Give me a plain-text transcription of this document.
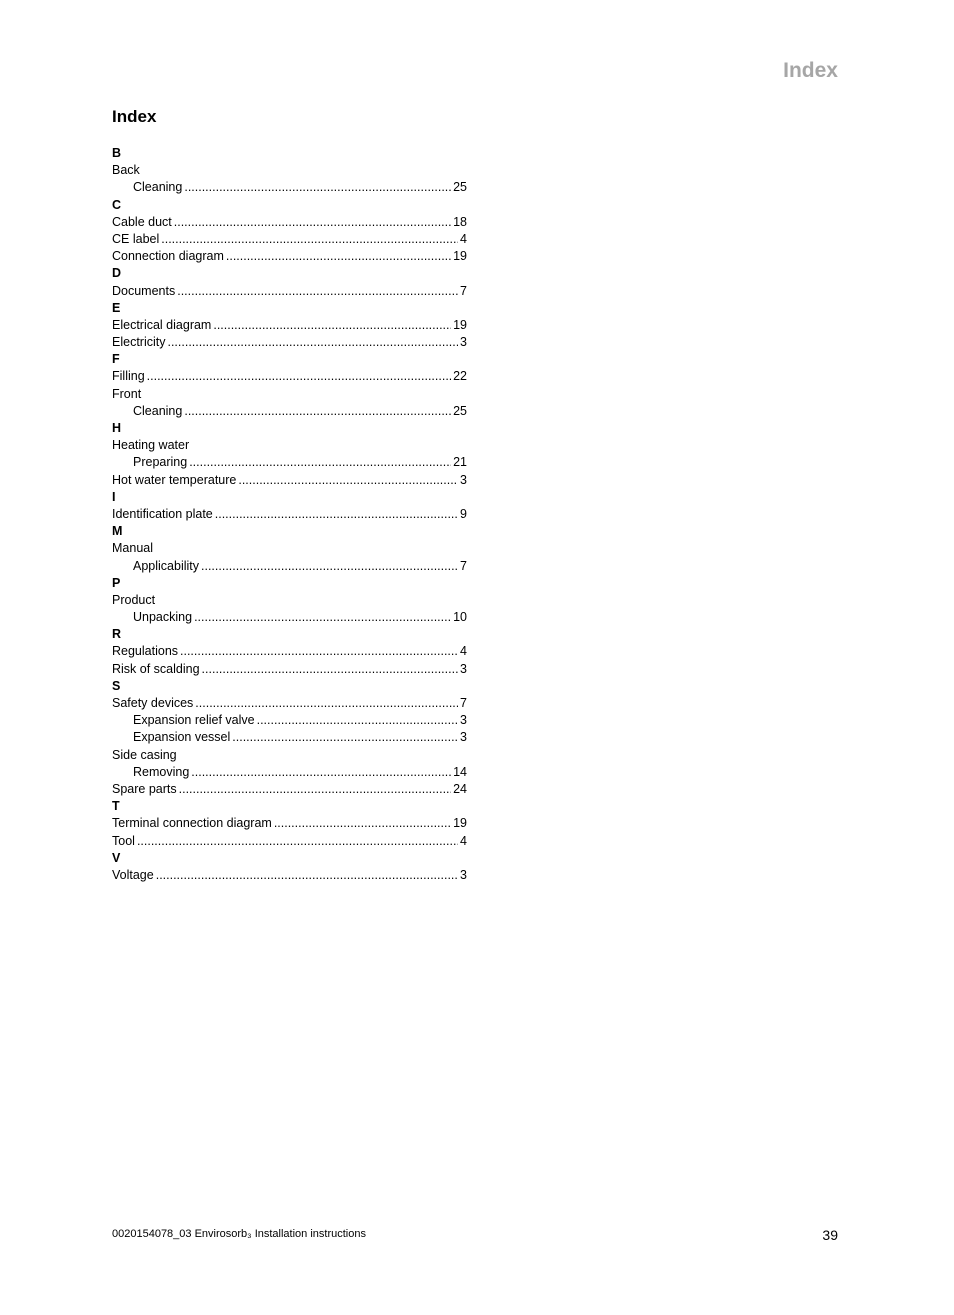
Index
Index
B
Back
Cleaning .....	25
C
Cable duct .....	18
CE label .....	4
Connection diagram .....	19
D
Documents .....	7
E
Electrical diagram .....	19
Electricity .....	3
F
Filling .....	22
Front
Cleaning .....	25
H
Heating water
Preparing .....	21
Hot water temperature .....	3
I
Identification plate .....	9
M
Manual
Applicability .....	7
P
Product
Unpacking .....	10
R
Regulations .....	4
Risk of scalding .....	3
S
Safety devices .....	7
Expansion relief valve .....	3
Expansion vessel .....	3
Side casing
Removing .....	14
Spare parts .....	24
T
Terminal connection diagram .....	19
Tool .....	4
V
Voltage .....	3
0020154078_03 Envirosorb₃ Installation instructions	39
